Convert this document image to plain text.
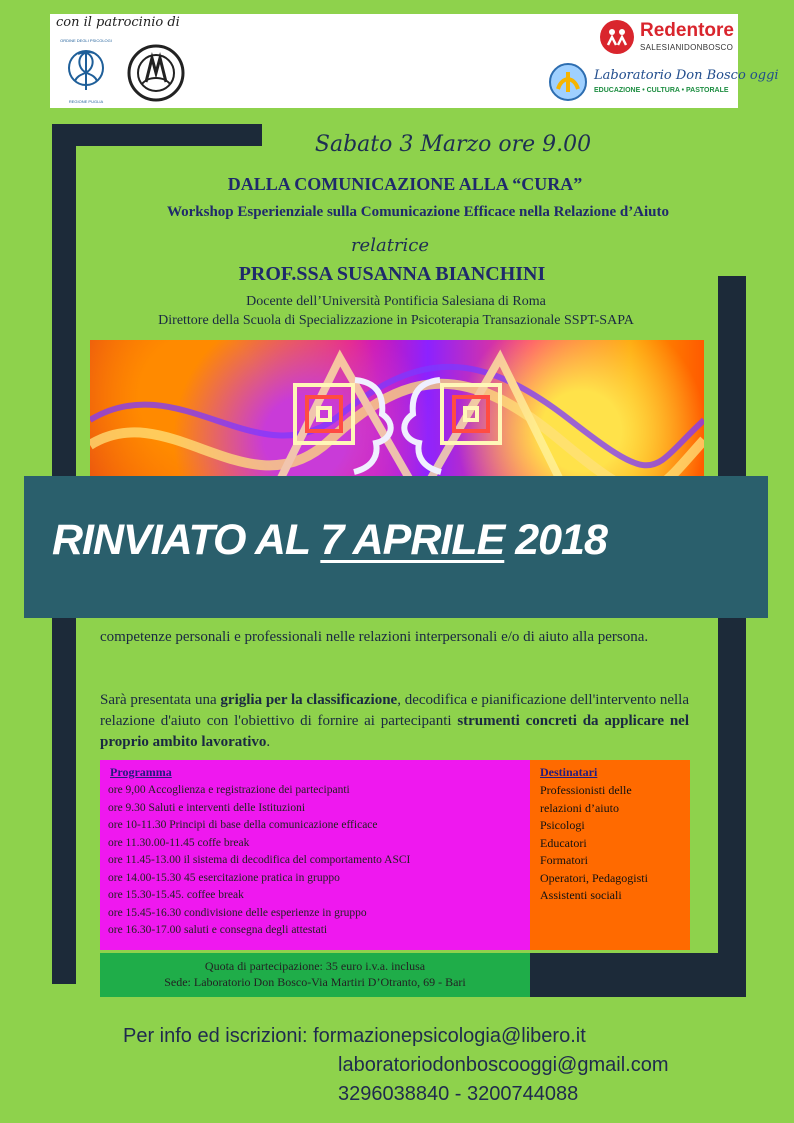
con il patrocinio di
ORDINE DEGLI PSICOLOGI
REGIONE PUGLIA
Redentore
SALESIANIDONBOSCO
Laboratorio Don Bosco oggi
EDUCAZIONE • CULTURA • PASTORALE
Sabato 3 Marzo ore 9.00
DALLA COMUNICAZIONE ALLA “CURA”
Workshop Esperienziale sulla Comunicazione Efficace nella Relazione d’Aiuto
relatrice
PROF.SSA SUSANNA BIANCHINI
Docente dell’Università Pontificia Salesiana di Roma
Direttore della Scuola di Specializzazione in Psicoterapia Transazionale SSPT-SAPA
RINVIATO AL 7 APRILE 2018
competenze personali e professionali nelle relazioni interpersonali e/o di aiuto alla persona.
Sarà presentata una griglia per la classificazione, decodifica e pianificazione dell'intervento nella relazione d'aiuto con l'obiettivo di fornire ai partecipanti strumenti concreti da applicare nel proprio ambito lavorativo.
Programma
ore 9,00 Accoglienza e registrazione dei partecipanti
ore 9.30 Saluti e interventi delle Istituzioni
ore 10-11.30 Principi di base della comunicazione efficace
ore 11.30.00-11.45 coffe break
ore 11.45-13.00 il sistema di decodifica del comportamento ASCI
ore 14.00-15.30 45 esercitazione pratica in gruppo
ore 15.30-15.45. coffee break
ore 15.45-16.30 condivisione delle esperienze in gruppo
ore 16.30-17.00 saluti e consegna degli attestati
Destinatari
Professionisti delle
relazioni d’aiuto
Psicologi
Educatori
Formatori
Operatori, Pedagogisti
Assistenti sociali
Quota di partecipazione: 35 euro i.v.a. inclusa
Sede: Laboratorio Don Bosco-Via Martiri D’Otranto, 69 - Bari
Per info ed iscrizioni: formazionepsicologia@libero.it
laboratoriodonboscooggi@gmail.com
3296038840 - 3200744088
